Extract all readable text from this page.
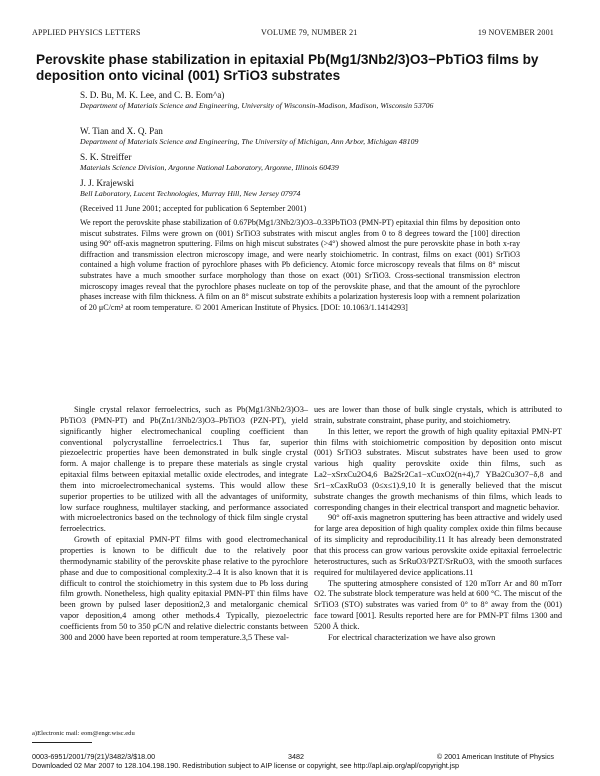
APPLIED PHYSICS LETTERS	VOLUME 79, NUMBER 21	19 NOVEMBER 2001
Perovskite phase stabilization in epitaxial Pb(Mg1/3Nb2/3)O3−PbTiO3 films by deposition onto vicinal (001) SrTiO3 substrates
S. D. Bu, M. K. Lee, and C. B. Eom^a)
Department of Materials Science and Engineering, University of Wisconsin-Madison, Madison, Wisconsin 53706
W. Tian and X. Q. Pan
Department of Materials Science and Engineering, The University of Michigan, Ann Arbor, Michigan 48109
S. K. Streiffer
Materials Science Division, Argonne National Laboratory, Argonne, Illinois 60439
J. J. Krajewski
Bell Laboratory, Lucent Technologies, Murray Hill, New Jersey 07974
(Received 11 June 2001; accepted for publication 6 September 2001)

We report the perovskite phase stabilization of 0.67Pb(Mg1/3Nb2/3)O3–0.33PbTiO3 (PMN-PT) epitaxial thin films by deposition onto miscut substrates. Films were grown on (001) SrTiO3 substrates with miscut angles from 0 to 8 degrees toward the [100] direction using 90° off-axis magnetron sputtering. Films on high miscut substrates (>4°) showed almost the pure perovskite phase in both x-ray diffraction and transmission electron microscopy image, and were nearly stoichiometric. In contrast, films on exact (001) SrTiO3 contained a high volume fraction of pyrochlore phases with Pb deficiency. Atomic force microscopy reveals that films on 8° miscut substrates have a much smoother surface morphology than those on exact (001) SrTiO3. Cross-sectional transmission electron microscopy images reveal that the pyrochlore phases nucleate on top of the perovskite phase, and that the amount of the pyrochlore phases increase with film thickness. A film on an 8° miscut substrate exhibits a polarization hysteresis loop with a remnent polarization of 20 μC/cm² at room temperature. © 2001 American Institute of Physics. [DOI: 10.1063/1.1414293]

Single crystal relaxor ferroelectrics, such as Pb(Mg1/3Nb2/3)O3–PbTiO3 (PMN-PT) and Pb(Zn1/3Nb2/3)O3–PbTiO3 (PZN-PT), yield significantly higher electromechanical coupling coefficient than conventional polycrystalline ferroelectrics.1 Thus far, superior piezoelectric properties have been demonstrated in bulk single crystal form. A major challenge is to prepare these materials as single crystal epitaxial films between epitaxial metallic oxide electrodes, and integrate them into microelectromechanical systems. This would allow these superior properties to be utilized with all the advantages of uniformity, low surface roughness, multilayer stacking, and performance associated with microelectronics based on the technology of thick film single crystal ferroelectrics.

Growth of epitaxial PMN-PT films with good electromechanical properties is known to be difficult due to the relatively poor thermodynamic stability of the perovskite phase relative to the pyrochlore phase and due to compositional complexity.2–4 It is also known that it is difficult to control the stoichiometry in this system due to Pb loss during film growth. Nonetheless, high quality epitaxial PMN-PT thin films have been grown by pulsed laser deposition2,3 and metalorganic chemical vapor deposition,4 among other methods.4 Typically, piezoelectric coefficients from 50 to 350 pC/N and relative dielectric constants between 300 and 2000 have been reported at room temperature.3,5 These val-

ues are lower than those of bulk single crystals, which is attributed to strain, substrate constraint, phase purity, and stoichiometry.

In this letter, we report the growth of high quality epitaxial PMN-PT thin films with stoichiometric composition by deposition onto miscut (001) SrTiO3 substrates. Miscut substrates have been used to grow various high quality perovskite oxide thin films, such as La2−xSrxCu2O4,6 Ba2Sr2Ca1−xCuxO2(n+4),7 YBa2Cu3O7−δ,8 and Sr1−xCaxRuO3 (0≤x≤1).9,10 It is generally believed that the miscut substrate changes the growth mechanisms of thin films, which leads to corresponding changes in their electrical transport and magnetic behavior.

90° off-axis magnetron sputtering has been attractive and widely used for large area deposition of high quality complex oxide thin films because of its simplicity and reproducibility.11 It has already been demonstrated that this process can grow various perovskite oxide epitaxial ferroelectric heterostructures, such as SrRuO3/PZT/SrRuO3, with the smooth surfaces required for multilayered device applications.11

The sputtering atmosphere consisted of 120 mTorr Ar and 80 mTorr O2. The substrate block temperature was held at 600 °C. The miscut of the SrTiO3 (STO) substrates was varied from 0° to 8° away from the (001) face toward [001]. Results reported here are for PMN-PT films 1300 and 5200 Å thick.

For electrical characterization we have also grown

a)Electronic mail: eom@engr.wisc.edu
0003-6951/2001/79(21)/3482/3/$18.00	3482	© 2001 American Institute of Physics
Downloaded 02 Mar 2007 to 128.104.198.190. Redistribution subject to AIP license or copyright, see http://apl.aip.org/apl/copyright.jsp
